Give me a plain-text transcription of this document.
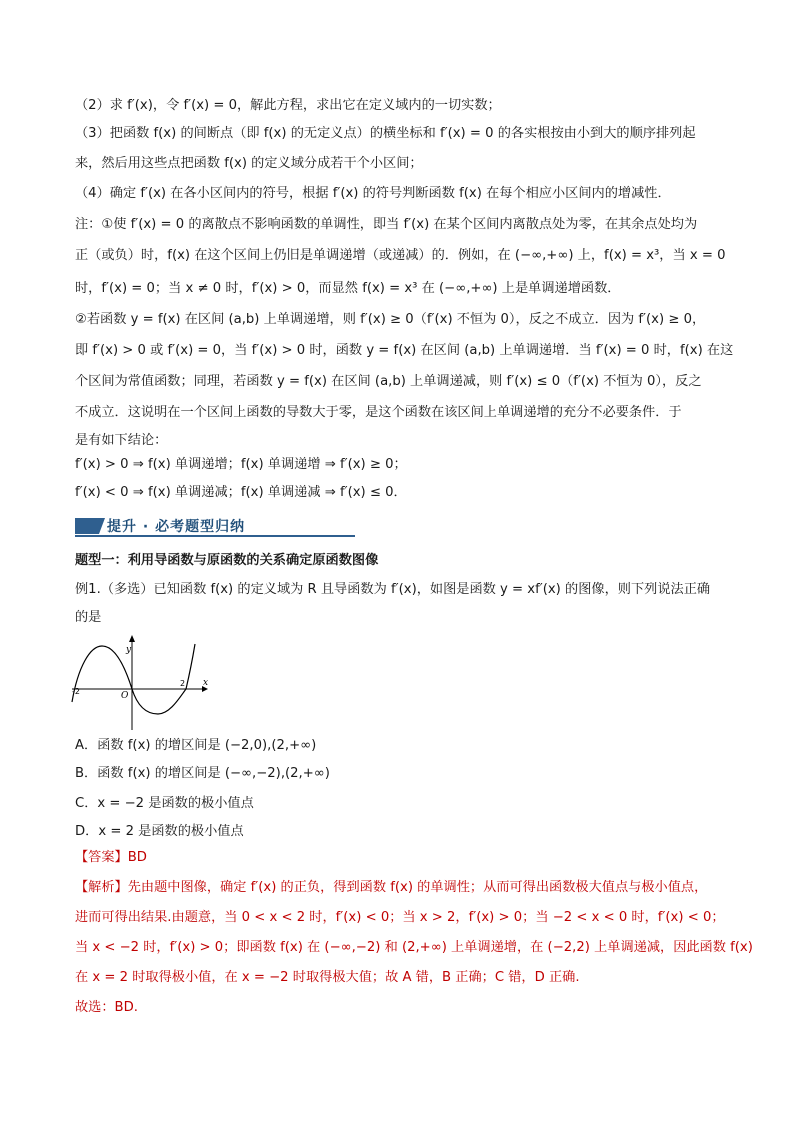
（2）求 f′(x)，令 f′(x) = 0，解此方程，求出它在定义域内的一切实数；
（3）把函数 f(x) 的间断点（即 f(x) 的无定义点）的横坐标和 f′(x) = 0 的各实根按由小到大的顺序排列起
来，然后用这些点把函数 f(x) 的定义域分成若干个小区间；
（4）确定 f′(x) 在各小区间内的符号，根据 f′(x) 的符号判断函数 f(x) 在每个相应小区间内的增减性．
注：①使 f′(x) = 0 的离散点不影响函数的单调性，即当 f′(x) 在某个区间内离散点处为零，在其余点处均为
正（或负）时，f(x) 在这个区间上仍旧是单调递增（或递减）的．例如，在 (−∞,+∞) 上，f(x) = x³，当 x = 0
时，f′(x) = 0；当 x ≠ 0 时，f′(x) > 0，而显然 f(x) = x³ 在 (−∞,+∞) 上是单调递增函数．
②若函数 y = f(x) 在区间 (a,b) 上单调递增，则 f′(x) ≥ 0（f′(x) 不恒为 0），反之不成立．因为 f′(x) ≥ 0，
即 f′(x) > 0 或 f′(x) = 0，当 f′(x) > 0 时，函数 y = f(x) 在区间 (a,b) 上单调递增．当 f′(x) = 0 时，f(x) 在这
个区间为常值函数；同理，若函数 y = f(x) 在区间 (a,b) 上单调递减，则 f′(x) ≤ 0（f′(x) 不恒为 0），反之
不成立．这说明在一个区间上函数的导数大于零，是这个函数在该区间上单调递增的充分不必要条件．于
是有如下结论：
f′(x) > 0 ⇒ f(x) 单调递增；f(x) 单调递增 ⇒ f′(x) ≥ 0；
f′(x) < 0 ⇒ f(x) 单调递减；f(x) 单调递减 ⇒ f′(x) ≤ 0．
提升 · 必考题型归纳
题型一：利用导函数与原函数的关系确定原函数图像
例1.（多选）已知函数 f(x) 的定义域为 R 且导函数为 f′(x)，如图是函数 y = xf′(x) 的图像，则下列说法正确
的是
y
x
O
-2
2
A．函数 f(x) 的增区间是 (−2,0),(2,+∞)
B．函数 f(x) 的增区间是 (−∞,−2),(2,+∞)
C．x = −2 是函数的极小值点
D．x = 2 是函数的极小值点
【答案】BD
【解析】先由题中图像，确定 f′(x) 的正负，得到函数 f(x) 的单调性；从而可得出函数极大值点与极小值点，
进而可得出结果.由题意，当 0 < x < 2 时，f′(x) < 0；当 x > 2，f′(x) > 0；当 −2 < x < 0 时，f′(x) < 0；
当 x < −2 时，f′(x) > 0；即函数 f(x) 在 (−∞,−2) 和 (2,+∞) 上单调递增，在 (−2,2) 上单调递减，因此函数 f(x)
在 x = 2 时取得极小值，在 x = −2 时取得极大值；故 A 错，B 正确；C 错，D 正确.
故选：BD.
